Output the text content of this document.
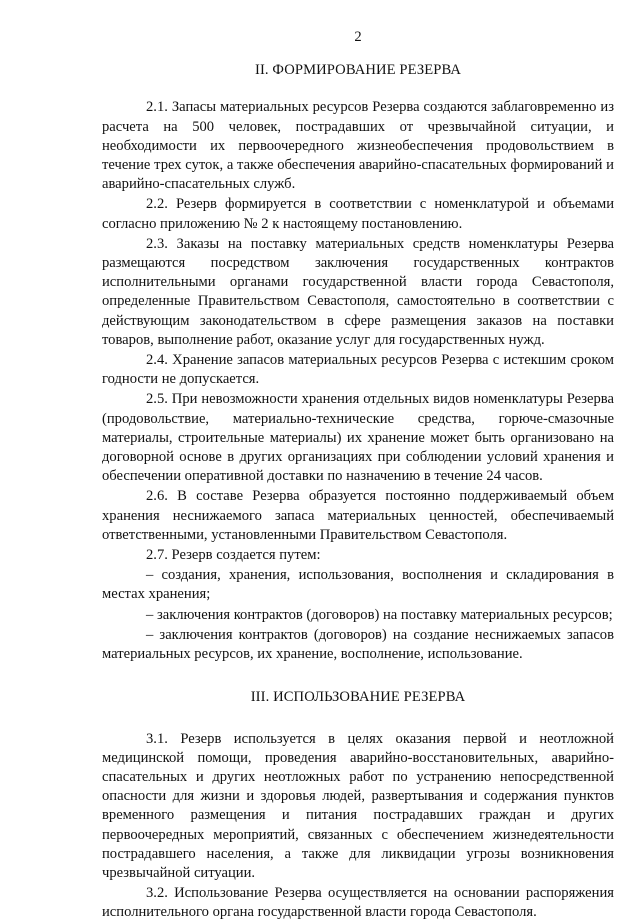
2
II. ФОРМИРОВАНИЕ РЕЗЕРВА

2.1. Запасы материальных ресурсов Резерва создаются заблаговременно из расчета на 500 человек, пострадавших от чрезвычайной ситуации, и необходимости их первоочередного жизнеобеспечения продовольствием в течение трех суток, а также обеспечения аварийно-спасательных формирований и аварийно-спасательных служб.

2.2. Резерв формируется в соответствии с номенклатурой и объемами согласно приложению № 2 к настоящему постановлению.

2.3. Заказы на поставку материальных средств номенклатуры Резерва размещаются посредством заключения государственных контрактов исполнительными органами государственной власти города Севастополя, определенные Правительством Севастополя, самостоятельно в соответствии с действующим законодательством в сфере размещения заказов на поставки товаров, выполнение работ, оказание услуг для государственных нужд.

2.4. Хранение запасов материальных ресурсов Резерва с истекшим сроком годности не допускается.

2.5. При невозможности хранения отдельных видов номенклатуры Резерва (продовольствие, материально-технические средства, горюче-смазочные материалы, строительные материалы) их хранение может быть организовано на договорной основе в других организациях при соблюдении условий хранения и обеспечении оперативной доставки по назначению в течение 24 часов.

2.6. В составе Резерва образуется постоянно поддерживаемый объем хранения неснижаемого запаса материальных ценностей, обеспечиваемый ответственными, установленными Правительством Севастополя.

2.7. Резерв создается путем:

– создания, хранения, использования, восполнения и складирования в местах хранения;

– заключения контрактов (договоров) на поставку материальных ресурсов;

– заключения контрактов (договоров) на создание неснижаемых запасов материальных ресурсов, их хранение, восполнение, использование.

III. ИСПОЛЬЗОВАНИЕ РЕЗЕРВА

3.1. Резерв используется в целях оказания первой и неотложной медицинской помощи, проведения аварийно-восстановительных, аварийно-спасательных и других неотложных работ по устранению непосредственной опасности для жизни и здоровья людей, развертывания и содержания пунктов временного размещения и питания пострадавших граждан и других первоочередных мероприятий, связанных с обеспечением жизнедеятельности пострадавшего населения, а также для ликвидации угрозы возникновения чрезвычайной ситуации.

3.2. Использование Резерва осуществляется на основании распоряжения исполнительного органа государственной власти города Севастополя.
